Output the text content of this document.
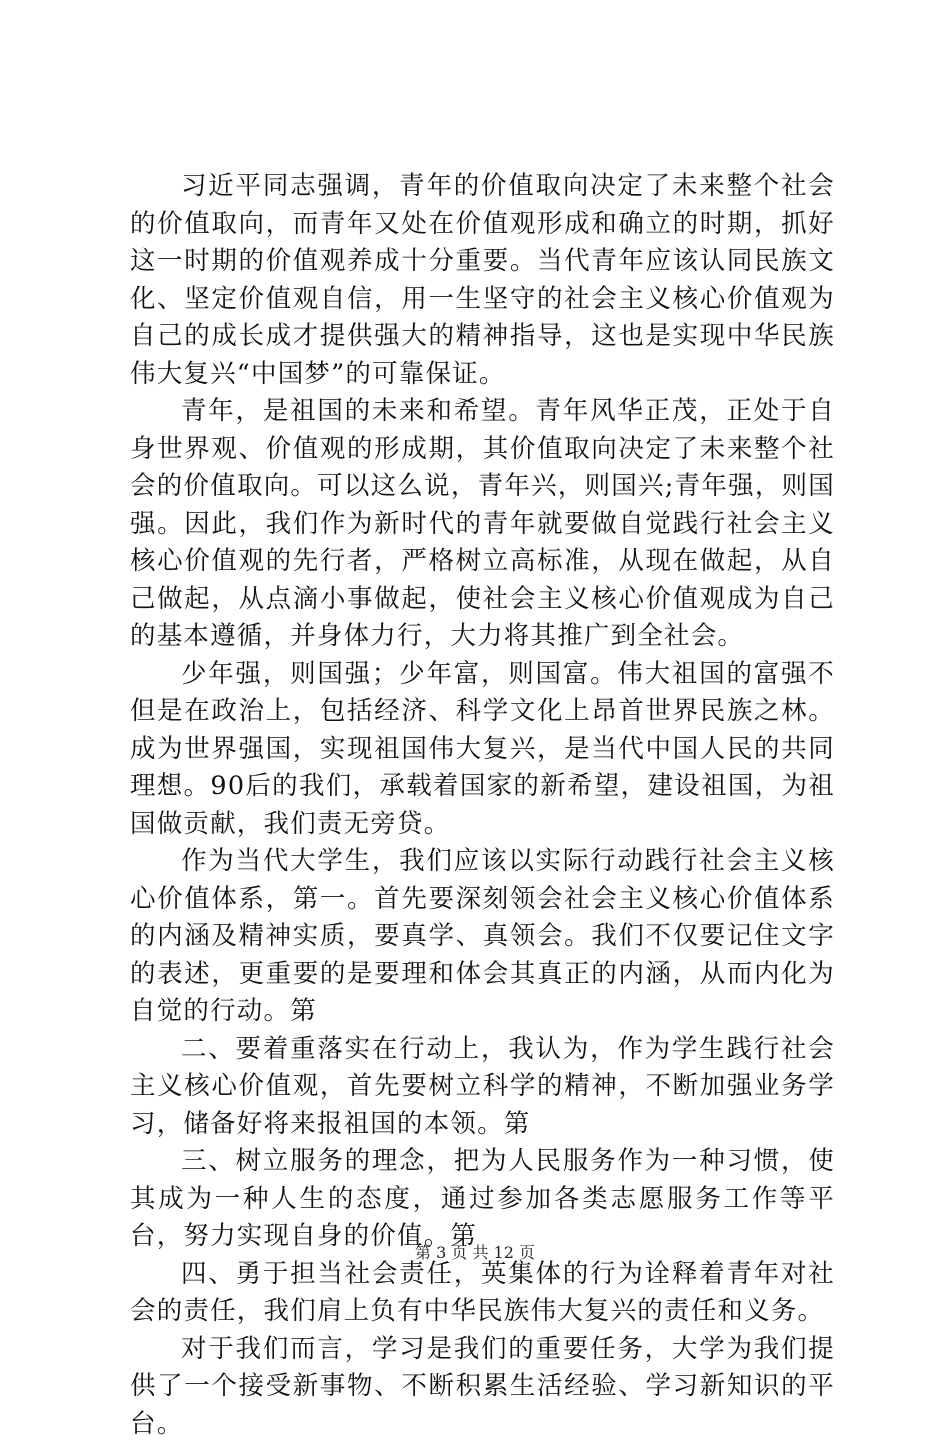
习近平同志强调，青年的价值取向决定了未来整个社会的价值取向，而青年又处在价值观形成和确立的时期，抓好这一时期的价值观养成十分重要。当代青年应该认同民族文化、坚定价值观自信，用一生坚守的社会主义核心价值观为自己的成长成才提供强大的精神指导，这也是实现中华民族伟大复兴“中国梦”的可靠保证。

青年，是祖国的未来和希望。青年风华正茂，正处于自身世界观、价值观的形成期，其价值取向决定了未来整个社会的价值取向。可以这么说，青年兴，则国兴;青年强，则国强。因此，我们作为新时代的青年就要做自觉践行社会主义核心价值观的先行者，严格树立高标准，从现在做起，从自己做起，从点滴小事做起，使社会主义核心价值观成为自己的基本遵循，并身体力行，大力将其推广到全社会。

少年强，则国强；少年富，则国富。伟大祖国的富强不但是在政治上，包括经济、科学文化上昂首世界民族之林。成为世界强国，实现祖国伟大复兴，是当代中国人民的共同理想。90后的我们，承载着国家的新希望，建设祖国，为祖国做贡献，我们责无旁贷。

作为当代大学生，我们应该以实际行动践行社会主义核心价值体系，第一。首先要深刻领会社会主义核心价值体系的内涵及精神实质，要真学、真领会。我们不仅要记住文字的表述，更重要的是要理和体会其真正的内涵，从而内化为自觉的行动。第

二、要着重落实在行动上，我认为，作为学生践行社会主义核心价值观，首先要树立科学的精神，不断加强业务学习，储备好将来报祖国的本领。第

三、树立服务的理念，把为人民服务作为一种习惯，使其成为一种人生的态度，通过参加各类志愿服务工作等平台，努力实现自身的价值。第

四、勇于担当社会责任，英集体的行为诠释着青年对社会的责任，我们肩上负有中华民族伟大复兴的责任和义务。

对于我们而言，学习是我们的重要任务，大学为我们提供了一个接受新事物、不断积累生活经验、学习新知识的平台。

第 3 页 共 12 页
